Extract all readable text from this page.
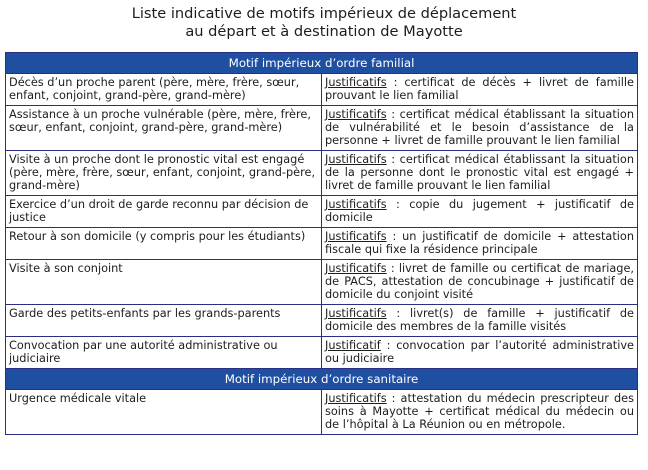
Liste indicative de motifs impérieux de déplacement
au départ et à destination de Mayotte
Motif impérieux d’ordre familial	
Décès d’un proche parent (père, mère, frère, sœur, enfant, conjoint, grand-père, grand-mère)	Justificatifs : certificat de décès + livret de famille prouvant le lien familial
Assistance à un proche vulnérable (père, mère, frère, sœur, enfant, conjoint, grand-père, grand-mère)	Justificatifs : certificat médical établissant la situation de vulnérabilité et le besoin d’assistance de la personne + livret de famille prouvant le lien familial
Visite à un proche dont le pronostic vital est engagé (père, mère, frère, sœur, enfant, conjoint, grand-père, grand-mère)	Justificatifs : certificat médical établissant la situation de la personne dont le pronostic vital est engagé + livret de famille prouvant le lien familial
Exercice d’un droit de garde reconnu par décision de justice	Justificatifs : copie du jugement + justificatif de domicile
Retour à son domicile (y compris pour les étudiants)	Justificatifs : un justificatif de domicile + attestation fiscale qui fixe la résidence principale
Visite à son conjoint	Justificatifs : livret de famille ou certificat de mariage, de PACS, attestation de concubinage + justificatif de domicile du conjoint visité
Garde des petits-enfants par les grands-parents	Justificatifs : livret(s) de famille + justificatif de domicile des membres de la famille visités
Convocation par une autorité administrative ou judiciaire	Justificatif : convocation par l’autorité administrative ou judiciaire
Motif impérieux d’ordre sanitaire	
Urgence médicale vitale	Justificatifs : attestation du médecin prescripteur des soins à Mayotte + certificat médical du médecin ou de l’hôpital à La Réunion ou en métropole.
